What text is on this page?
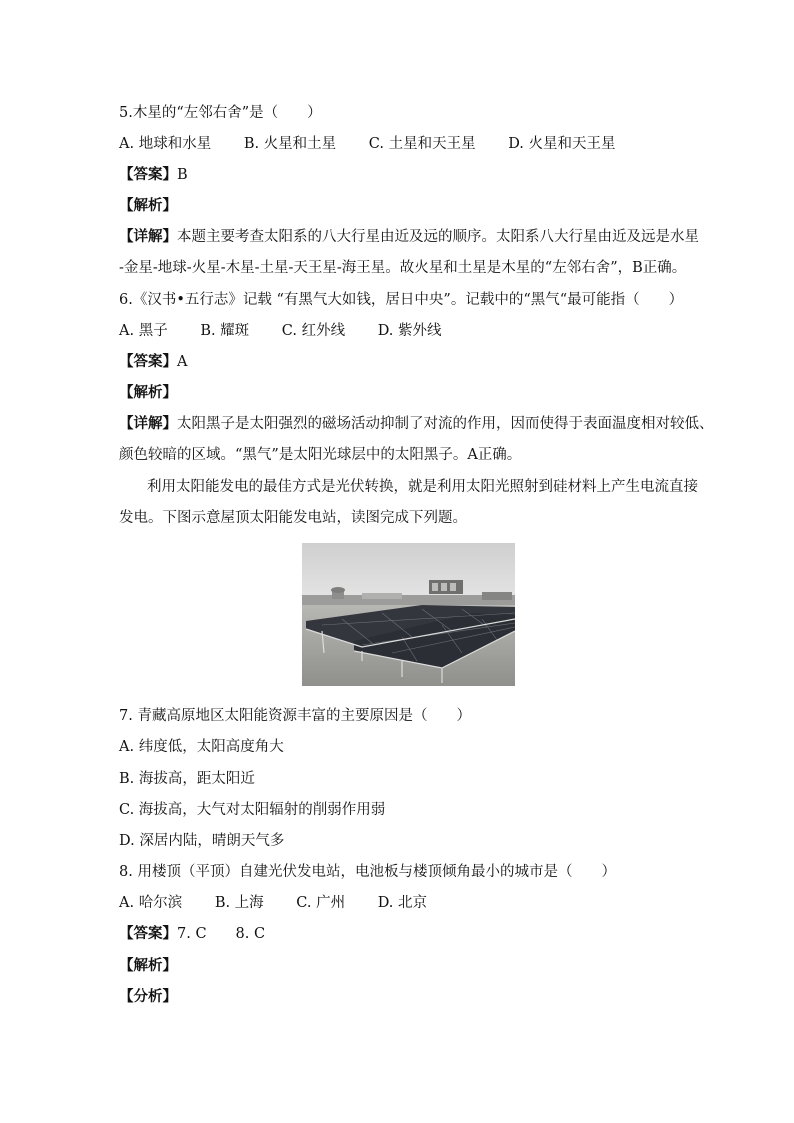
5.木星的“左邻右舍”是（　　）
A. 地球和水星 B. 火星和土星 C. 土星和天王星 D. 火星和天王星
【答案】B
【解析】
【详解】本题主要考查太阳系的八大行星由近及远的顺序。太阳系八大行星由近及远是水星
-金星-地球-火星-木星-土星-天王星-海王星。故火星和土星是木星的“左邻右舍”，B正确。
6.《汉书•五行志》记载 “有黑气大如钱，居日中央”。记载中的“黑气“最可能指（　　）
A. 黑子 B. 耀斑 C. 红外线 D. 紫外线
【答案】A
【解析】
【详解】太阳黑子是太阳强烈的磁场活动抑制了对流的作用，因而使得于表面温度相对较低、
颜色较暗的区域。“黑气”是太阳光球层中的太阳黑子。A正确。
利用太阳能发电的最佳方式是光伏转换，就是利用太阳光照射到硅材料上产生电流直接
发电。下图示意屋顶太阳能发电站，读图完成下列题。
7. 青藏高原地区太阳能资源丰富的主要原因是（　　）
A. 纬度低，太阳高度角大
B. 海拔高，距太阳近
C. 海拔高，大气对太阳辐射的削弱作用弱
D. 深居内陆，晴朗天气多
8. 用楼顶（平顶）自建光伏发电站，电池板与楼顶倾角最小的城市是（　　）
A. 哈尔滨 B. 上海 C. 广州 D. 北京
【答案】7. C　　8. C
【解析】
【分析】
